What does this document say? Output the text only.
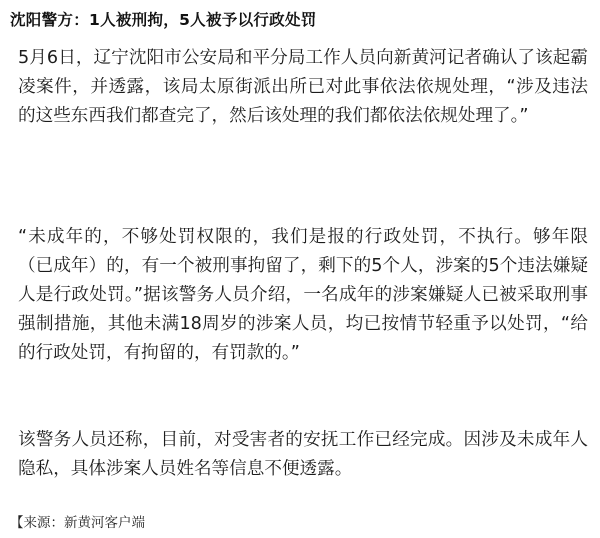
沈阳警方：1人被刑拘，5人被予以行政处罚

5月6日，辽宁沈阳市公安局和平分局工作人员向新黄河记者确认了该起霸凌案件，并透露，该局太原街派出所已对此事依法依规处理，“涉及违法的这些东西我们都查完了，然后该处理的我们都依法依规处理了。”

“未成年的，不够处罚权限的，我们是报的行政处罚，不执行。够年限（已成年）的，有一个被刑事拘留了，剩下的5个人，涉案的5个违法嫌疑人是行政处罚。”据该警务人员介绍，一名成年的涉案嫌疑人已被采取刑事强制措施，其他未满18周岁的涉案人员，均已按情节轻重予以处罚，“给的行政处罚，有拘留的，有罚款的。”

该警务人员还称，目前，对受害者的安抚工作已经完成。因涉及未成年人隐私，具体涉案人员姓名等信息不便透露。

【来源：新黄河客户端
